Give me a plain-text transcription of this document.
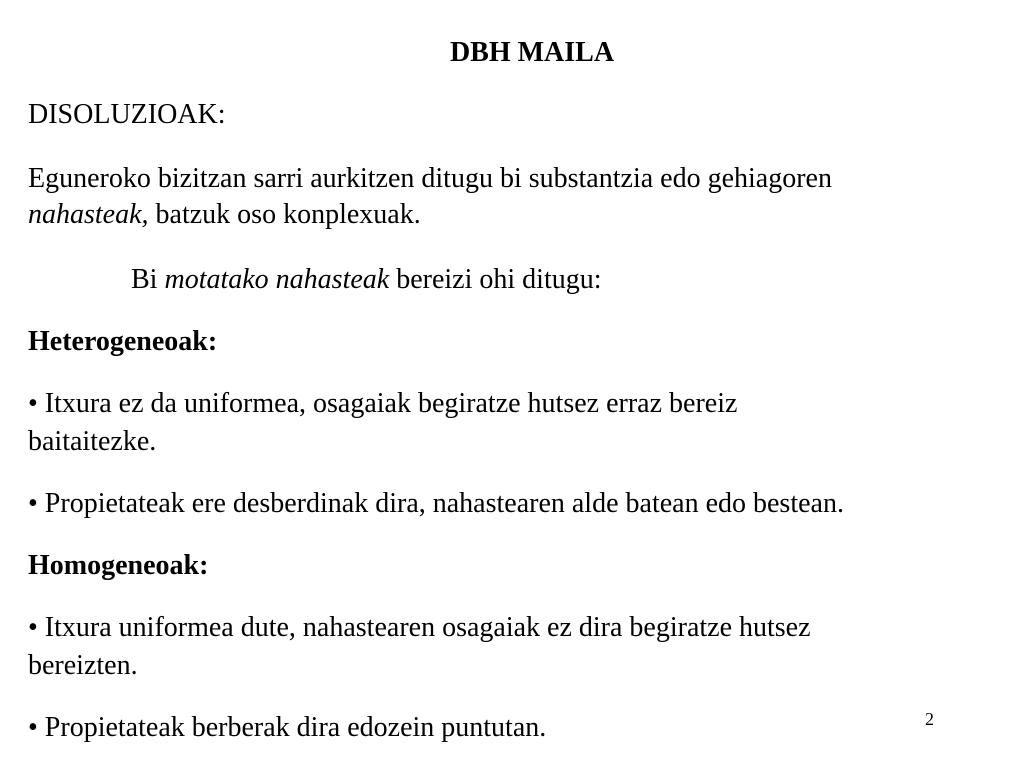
DBH MAILA
DISOLUZIOAK:
Eguneroko bizitzan sarri aurkitzen ditugu bi substantzia edo gehiagoren
nahasteak, batzuk oso konplexuak.
Bi motatako nahasteak bereizi ohi ditugu:
Heterogeneoak:
• Itxura ez da uniformea, osagaiak begiratze hutsez erraz bereiz
baitaitezke.
• Propietateak ere desberdinak dira, nahastearen alde batean edo bestean.
Homogeneoak:
• Itxura uniformea dute, nahastearen osagaiak ez dira begiratze hutsez
bereizten.
• Propietateak berberak dira edozein puntutan.	2
